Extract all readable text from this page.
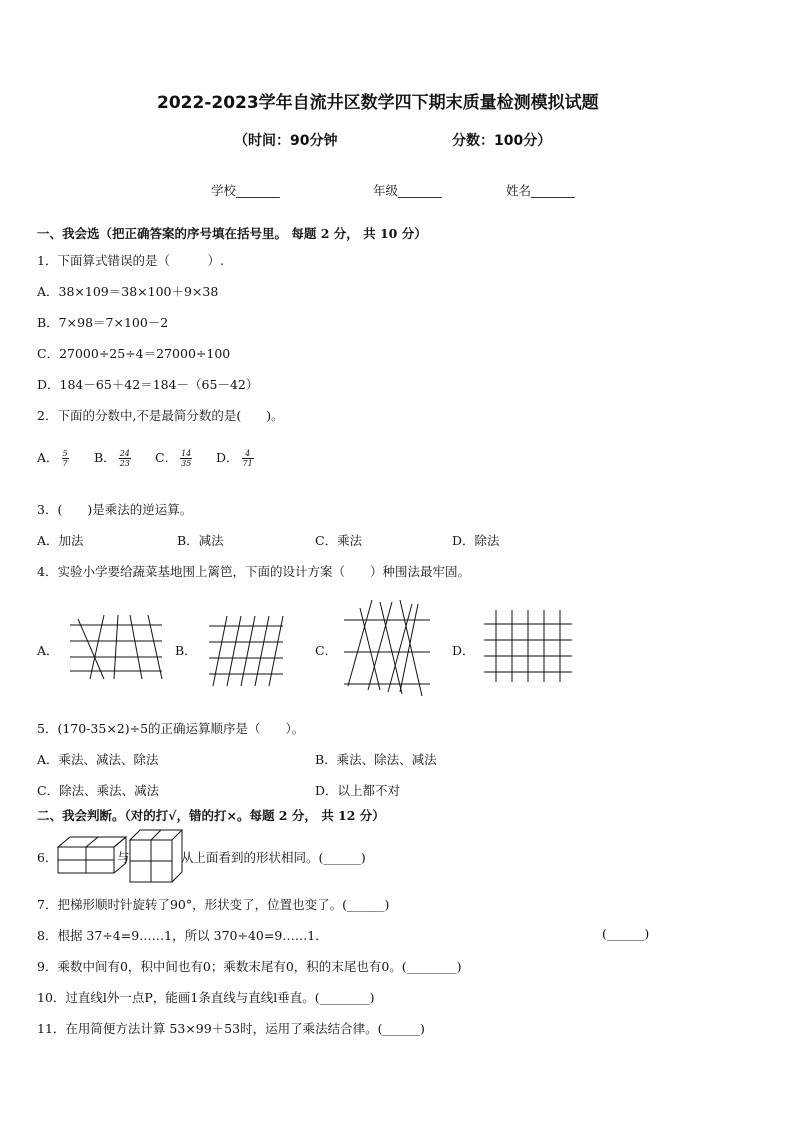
2022-2023学年自流井区数学四下期末质量检测模拟试题
（时间：90分钟	分数：100分）
学校_______	年级_______	姓名_______
一、我会选（把正确答案的序号填在括号里。 每题 2 分， 共 10 分）
1．下面算式错误的是（　　　）.
A．38×109＝38×100＋9×38
B．7×98＝7×100－2
C．27000÷25÷4＝27000÷100
D．184－65＋42＝184－（65－42）
2．下面的分数中,不是最简分数的是(　　)。
A． $\frac{5}{7}$ B． $\frac{24}{23}$ C． $\frac{14}{35}$ D． $\frac{4}{71}$
3．(　　)是乘法的逆运算。
A．加法	B．减法	C．乘法	D．除法
4．实验小学要给蔬菜基地围上篱笆，下面的设计方案（　　）种围法最牢固。
A．	B．	C．	D．
5．(170-35×2)÷5的正确运算顺序是（　　）。
A．乘法、减法、除法	B．乘法、除法、减法
C．除法、乘法、减法	D．以上都不对
二、我会判断。（对的打√，错的打×。每题 2 分， 共 12 分）
6．	与	从上面看到的形状相同。(______)
7．把梯形顺时针旋转了90°，形状变了，位置也变了。(______)
8．根据 37÷4=9……1，所以 370÷40=9……1．	(______)
9．乘数中间有0，积中间也有0；乘数末尾有0，积的末尾也有0。(________)
10．过直线l外一点P，能画1条直线与直线l垂直。(________)
11．在用简便方法计算 53×99＋53时，运用了乘法结合律。(______)
